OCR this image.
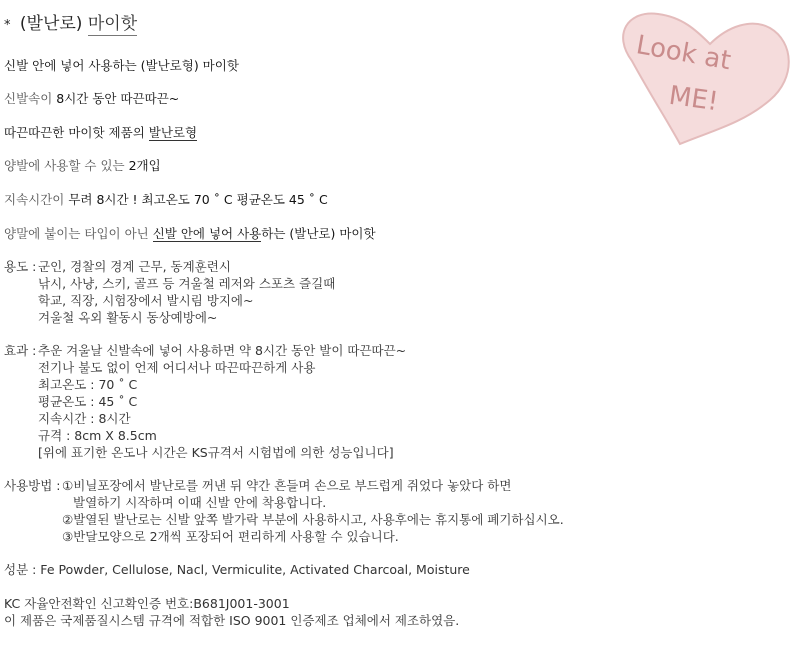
* (발난로) 마이핫
신발 안에 넣어 사용하는 (발난로형) 마이핫
신발속이 8시간 동안 따끈따끈~
따끈따끈한 마이핫 제품의 발난로형
양발에 사용할 수 있는 2개입
지속시간이 무려 8시간 ! 최고온도 70 ˚ C 평균온도 45 ˚ C
양말에 붙이는 타입이 아닌 신발 안에 넣어 사용하는 (발난로) 마이핫
용도 : 군인, 경찰의 경계 근무, 동계훈련시
낚시, 사냥, 스키, 골프 등 겨울철 레저와 스포츠 즐길때
학교, 직장, 시험장에서 발시림 방지에~
겨울철 옥외 활동시 동상예방에~
효과 : 추운 겨울날 신발속에 넣어 사용하면 약 8시간 동안 발이 따끈따끈~
전기나 불도 없이 언제 어디서나 따끈따끈하게 사용
최고온도 : 70 ˚ C
평균온도 : 45 ˚ C
지속시간 : 8시간
규격 : 8cm X 8.5cm
[위에 표기한 온도나 시간은 KS규격서 시험법에 의한 성능입니다]
사용방법 : ①비닐포장에서 발난로를 꺼낸 뒤 약간 흔들며 손으로 부드럽게 쥐었다 놓았다 하면
발열하기 시작하며 이때 신발 안에 착용합니다.
②발열된 발난로는 신발 앞쪽 발가락 부분에 사용하시고, 사용후에는 휴지통에 폐기하십시오.
③반달모양으로 2개씩 포장되어 편리하게 사용할 수 있습니다.
성분 : Fe Powder, Cellulose, Nacl, Vermiculite, Activated Charcoal, Moisture
KC 자율안전확인 신고확인증 번호:B681J001-3001
이 제품은 국제품질시스템 규격에 적합한 ISO 9001 인증제조 업체에서 제조하였음.
Look at
ME!
